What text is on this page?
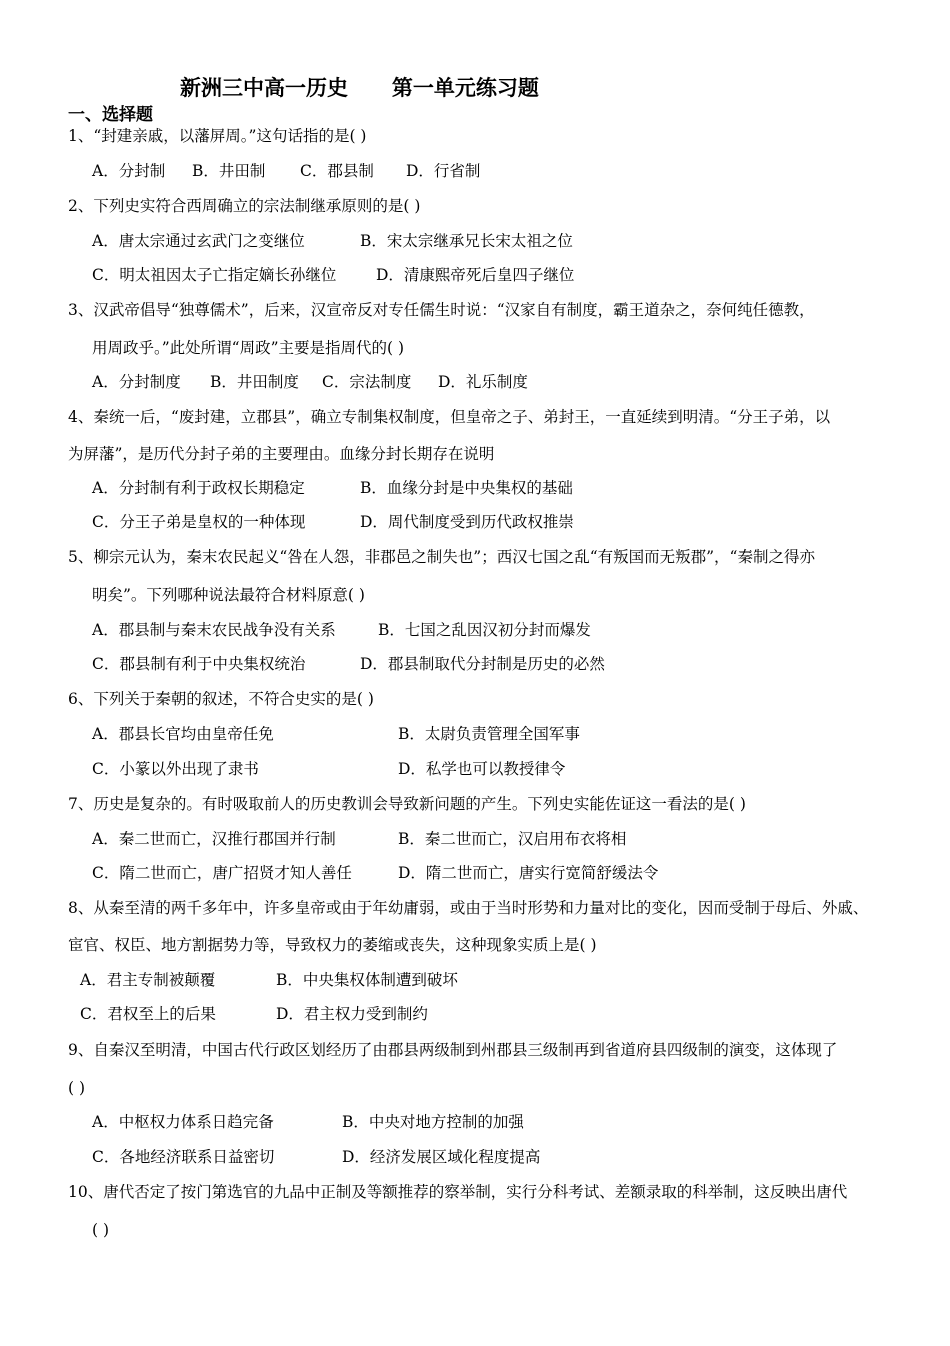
新洲三中高一历史      第一单元练习题
一、选择题
1、“封建亲戚，以藩屏周。”这句话指的是( )
A．分封制 B．井田制 C．郡县制 D．行省制
2、下列史实符合西周确立的宗法制继承原则的是( )
A．唐太宗通过玄武门之变继位	B．宋太宗继承兄长宋太祖之位
C．明太祖因太子亡指定嫡长孙继位	D．清康熙帝死后皇四子继位
3、汉武帝倡导“独尊儒术”，后来，汉宣帝反对专任儒生时说：“汉家自有制度，霸王道杂之，奈何纯任德教，
用周政乎。”此处所谓“周政”主要是指周代的( )
A．分封制度 B．井田制度 C．宗法制度 D．礼乐制度
4、秦统一后，“废封建，立郡县”，确立专制集权制度，但皇帝之子、弟封王，一直延续到明清。“分王子弟，以
为屏藩”，是历代分封子弟的主要理由。血缘分封长期存在说明
A．分封制有利于政权长期稳定	B．血缘分封是中央集权的基础
C．分王子弟是皇权的一种体现	D．周代制度受到历代政权推崇
5、柳宗元认为，秦末农民起义“咎在人怨，非郡邑之制失也”；西汉七国之乱“有叛国而无叛郡”，“秦制之得亦
明矣”。下列哪种说法最符合材料原意( )
A．郡县制与秦末农民战争没有关系	B．七国之乱因汉初分封而爆发
C．郡县制有利于中央集权统治	D．郡县制取代分封制是历史的必然
6、下列关于秦朝的叙述，不符合史实的是( )
A．郡县长官均由皇帝任免	B．太尉负责管理全国军事
C．小篆以外出现了隶书	D．私学也可以教授律令
7、历史是复杂的。有时吸取前人的历史教训会导致新问题的产生。下列史实能佐证这一看法的是( )
A．秦二世而亡，汉推行郡国并行制	B．秦二世而亡，汉启用布衣将相
C．隋二世而亡，唐广招贤才知人善任	D．隋二世而亡，唐实行宽简舒缓法令
8、从秦至清的两千多年中，许多皇帝或由于年幼庸弱，或由于当时形势和力量对比的变化，因而受制于母后、外戚、
宦官、权臣、地方割据势力等，导致权力的萎缩或丧失，这种现象实质上是( )
A．君主专制被颠覆	B．中央集权体制遭到破坏
C．君权至上的后果	D．君主权力受到制约
9、自秦汉至明清，中国古代行政区划经历了由郡县两级制到州郡县三级制再到省道府县四级制的演变，这体现了
( )
A．中枢权力体系日趋完备	B．中央对地方控制的加强
C．各地经济联系日益密切	D．经济发展区域化程度提高
10、唐代否定了按门第选官的九品中正制及等额推荐的察举制，实行分科考试、差额录取的科举制，这反映出唐代
( )
